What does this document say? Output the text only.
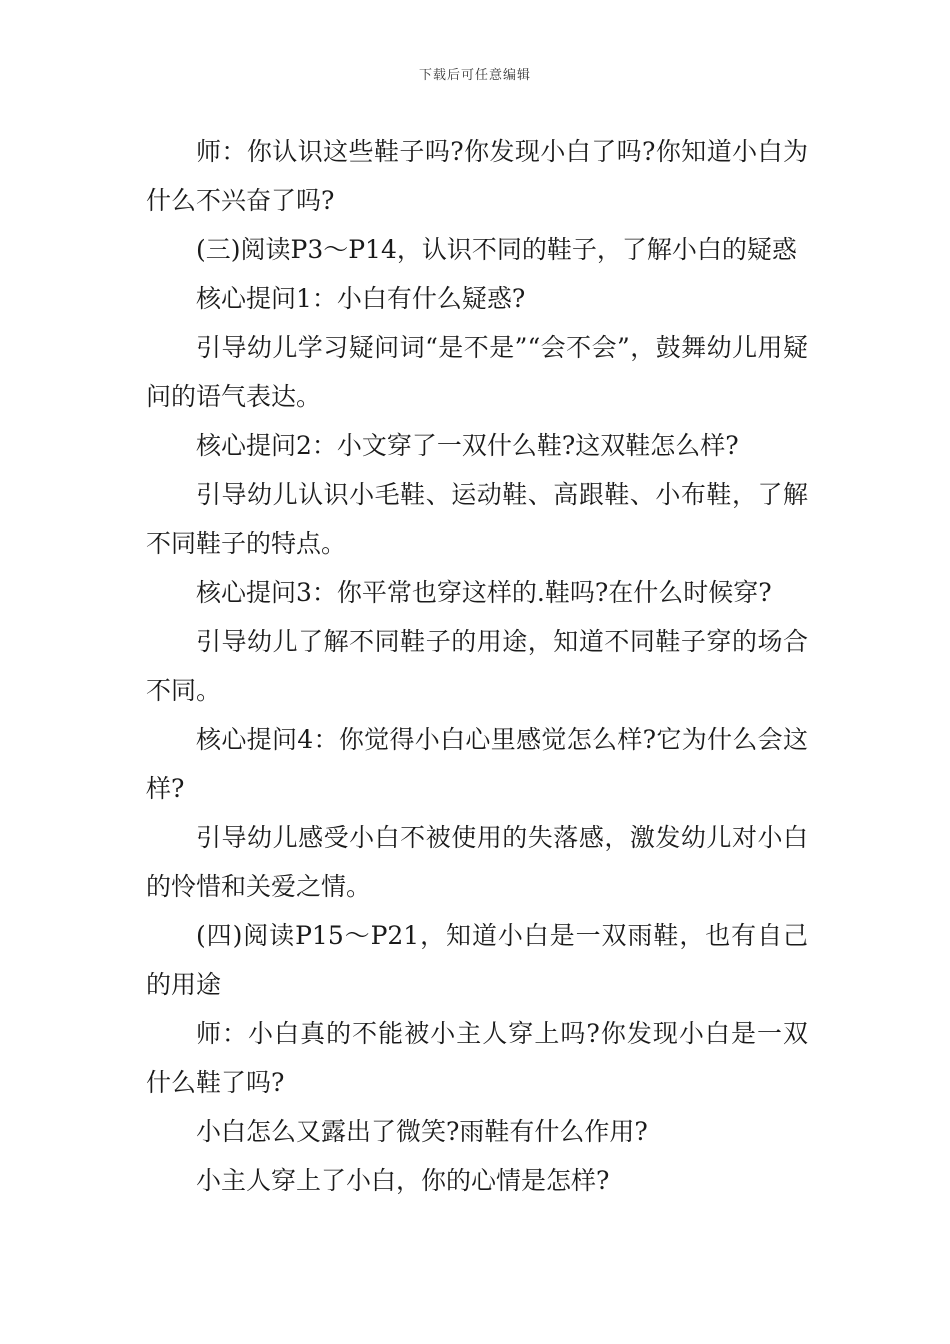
下载后可任意编辑

师：你认识这些鞋子吗?你发现小白了吗?你知道小白为什么不兴奋了吗?

(三)阅读P3～P14，认识不同的鞋子，了解小白的疑惑

核心提问1：小白有什么疑惑?

引导幼儿学习疑问词“是不是”“会不会”，鼓舞幼儿用疑问的语气表达。

核心提问2：小文穿了一双什么鞋?这双鞋怎么样?

引导幼儿认识小毛鞋、运动鞋、高跟鞋、小布鞋，了解不同鞋子的特点。

核心提问3：你平常也穿这样的.鞋吗?在什么时候穿?

引导幼儿了解不同鞋子的用途，知道不同鞋子穿的场合不同。

核心提问4：你觉得小白心里感觉怎么样?它为什么会这样?

引导幼儿感受小白不被使用的失落感，激发幼儿对小白的怜惜和关爱之情。

(四)阅读P15～P21，知道小白是一双雨鞋，也有自己的用途

师：小白真的不能被小主人穿上吗?你发现小白是一双什么鞋了吗?

小白怎么又露出了微笑?雨鞋有什么作用?

小主人穿上了小白，你的心情是怎样?
